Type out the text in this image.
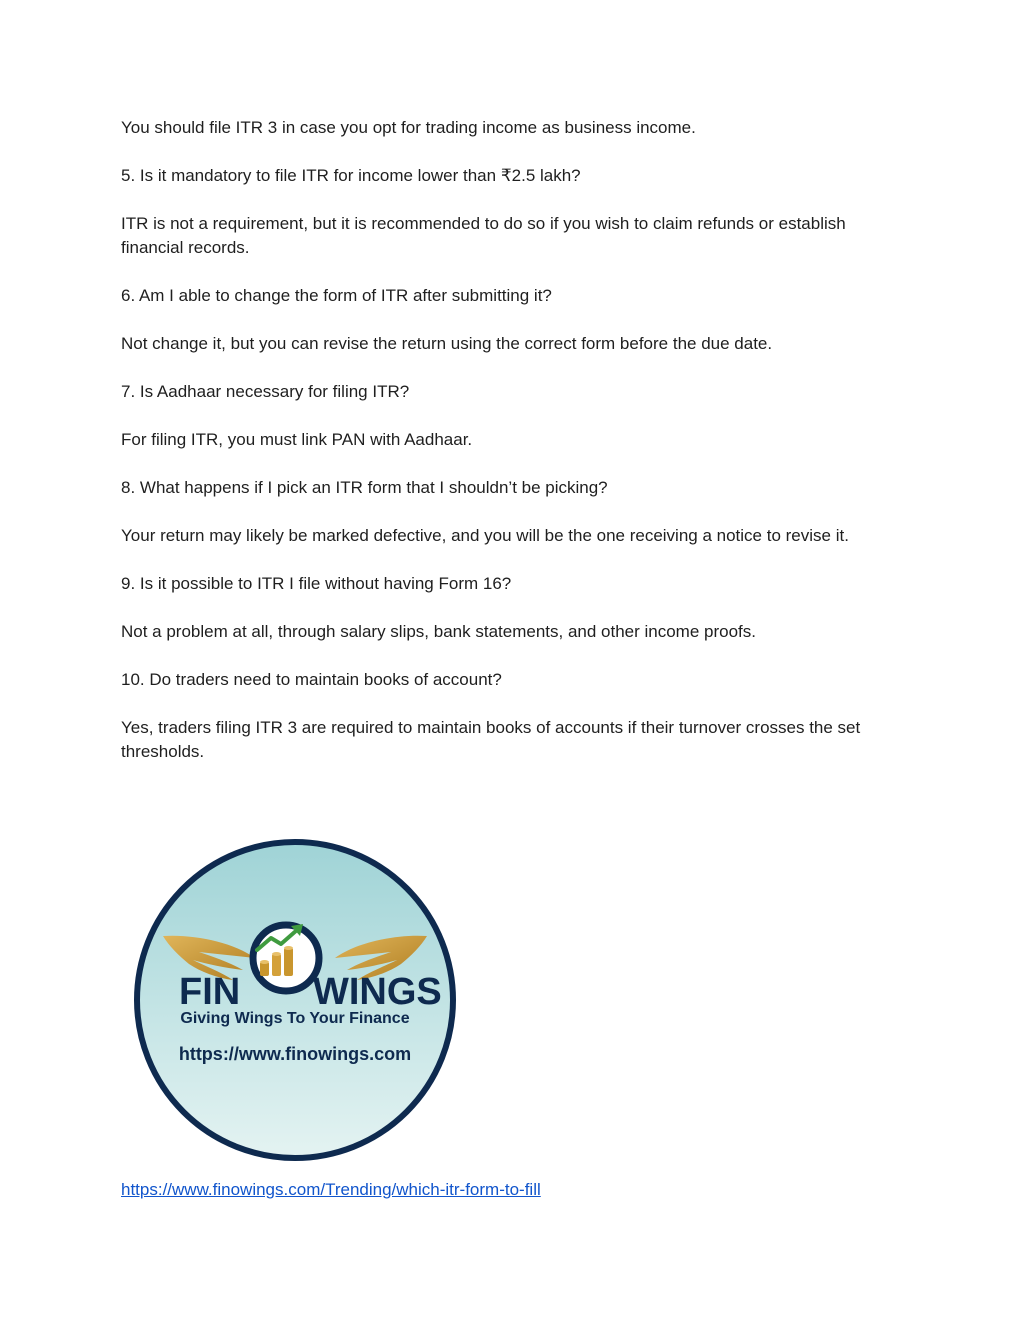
You should file ITR 3 in case you opt for trading income as business income.

5. Is it mandatory to file ITR for income lower than ₹2.5 lakh?

ITR is not a requirement, but it is recommended to do so if you wish to claim refunds or establish financial records.

6. Am I able to change the form of ITR after submitting it?

Not change it, but you can revise the return using the correct form before the due date.

7. Is Aadhaar necessary for filing ITR?

For filing ITR, you must link PAN with Aadhaar.

8. What happens if I pick an ITR form that I shouldn’t be picking?

Your return may likely be marked defective, and you will be the one receiving a notice to revise it.

9. Is it possible to ITR I file without having Form 16?

Not a problem at all, through salary slips, bank statements, and other income proofs.

10. Do traders need to maintain books of account?

Yes, traders filing ITR 3 are required to maintain books of accounts if their turnover crosses the set thresholds.

FIN WINGS
Giving Wings To Your Finance
https://www.finowings.com
https://www.finowings.com/Trending/which-itr-form-to-fill
